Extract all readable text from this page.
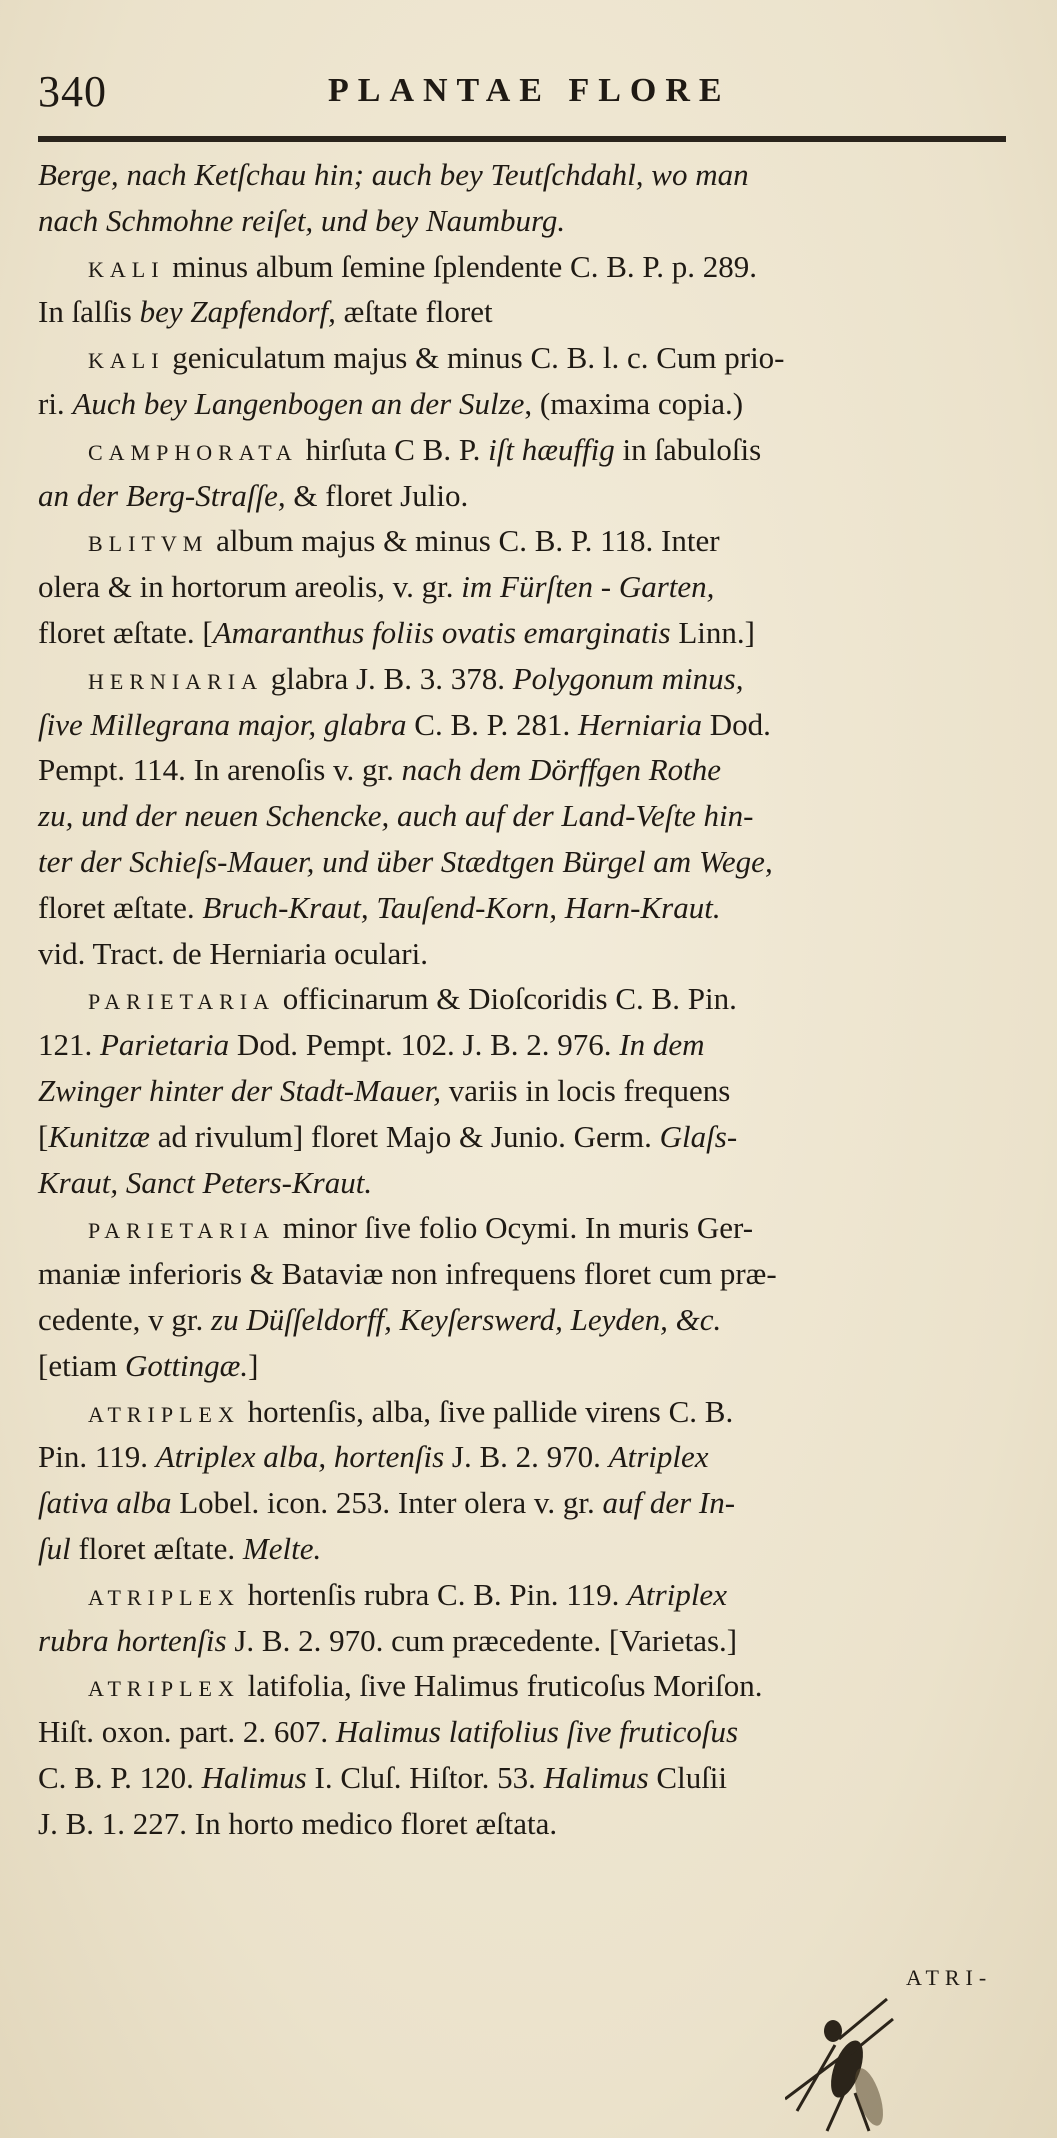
340	PLANTAE FLORE
Berge, nach Ketſchau hin; auch bey Teutſchdahl, wo man
nach Schmohne reiſet, und bey Naumburg.
KALI minus album ſemine ſplendente C. B. P. p. 289.
In ſalſis bey Zapfendorf, æſtate floret
KALI geniculatum majus & minus C. B. l. c. Cum prio-
ri. Auch bey Langenbogen an der Sulze, (maxima copia.)
CAMPHORATA hirſuta C B. P. iſt hæuffig in ſabuloſis
an der Berg-Straſſe, & floret Julio.
BLITVM album majus & minus C. B. P. 118. Inter
olera & in hortorum areolis, v. gr. im Fürſten - Garten,
floret æſtate. [Amaranthus foliis ovatis emarginatis Linn.]
HERNIARIA glabra J. B. 3. 378. Polygonum minus,
ſive Millegrana major, glabra C. B. P. 281. Herniaria Dod.
Pempt. 114. In arenoſis v. gr. nach dem Dörffgen Rothe
zu, und der neuen Schencke, auch auf der Land-Veſte hin-
ter der Schieſs-Mauer, und über Stædtgen Bürgel am Wege,
floret æſtate. Bruch-Kraut, Tauſend-Korn, Harn-Kraut.
vid. Tract. de Herniaria oculari.
PARIETARIA officinarum & Dioſcoridis C. B. Pin.
121. Parietaria Dod. Pempt. 102. J. B. 2. 976. In dem
Zwinger hinter der Stadt-Mauer, variis in locis frequens
[Kunitzæ ad rivulum] floret Majo & Junio. Germ. Glaſs-
Kraut, Sanct Peters-Kraut.
PARIETARIA minor ſive folio Ocymi. In muris Ger-
maniæ inferioris & Bataviæ non infrequens floret cum præ-
cedente, v gr. zu Düſſeldorff, Keyſerswerd, Leyden, &c.
[etiam Gottingæ.]
ATRIPLEX hortenſis, alba, ſive pallide virens C. B.
Pin. 119. Atriplex alba, hortenſis J. B. 2. 970. Atriplex
ſativa alba Lobel. icon. 253. Inter olera v. gr. auf der In-
ſul floret æſtate. Melte.
ATRIPLEX hortenſis rubra C. B. Pin. 119. Atriplex
rubra hortenſis J. B. 2. 970. cum præcedente. [Varietas.]
ATRIPLEX latifolia, ſive Halimus fruticoſus Moriſon.
Hiſt. oxon. part. 2. 607. Halimus latifolius ſive fruticoſus
C. B. P. 120. Halimus I. Cluſ. Hiſtor. 53. Halimus Cluſii
J. B. 1. 227. In horto medico floret æſtata.
ATRI-
